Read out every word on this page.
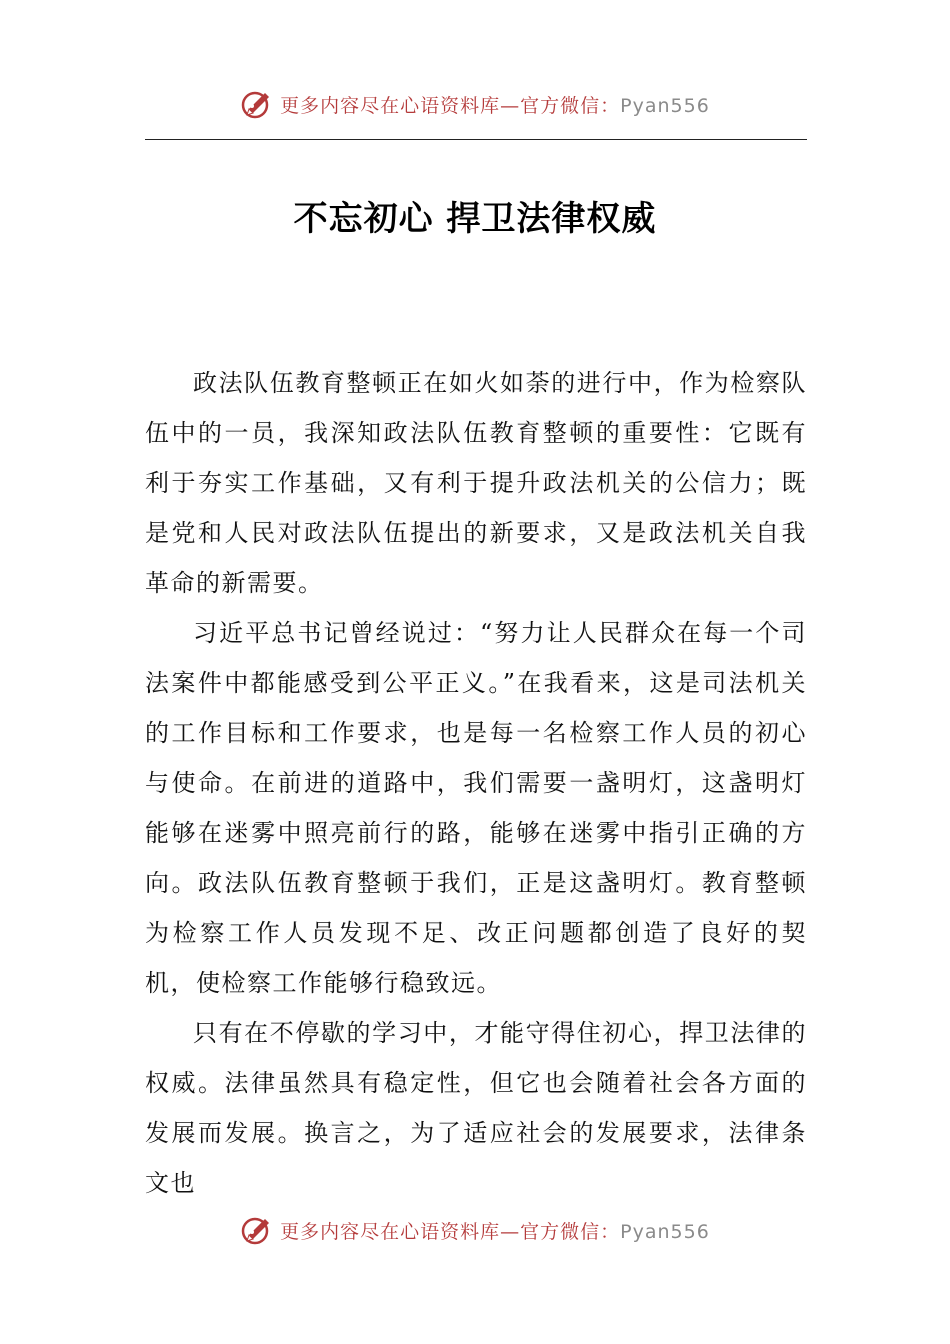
更多内容尽在心语资料库—官方微信：Pyan556
不忘初心 捍卫法律权威

政法队伍教育整顿正在如火如荼的进行中，作为检察队伍中的一员，我深知政法队伍教育整顿的重要性：它既有利于夯实工作基础，又有利于提升政法机关的公信力；既是党和人民对政法队伍提出的新要求，又是政法机关自我革命的新需要。

习近平总书记曾经说过：“努力让人民群众在每一个司法案件中都能感受到公平正义。”在我看来，这是司法机关的工作目标和工作要求，也是每一名检察工作人员的初心与使命。在前进的道路中，我们需要一盏明灯，这盏明灯能够在迷雾中照亮前行的路，能够在迷雾中指引正确的方向。政法队伍教育整顿于我们，正是这盏明灯。教育整顿为检察工作人员发现不足、改正问题都创造了良好的契机，使检察工作能够行稳致远。

只有在不停歇的学习中，才能守得住初心，捍卫法律的权威。法律虽然具有稳定性，但它也会随着社会各方面的发展而发展。换言之，为了适应社会的发展要求，法律条文也

更多内容尽在心语资料库—官方微信：Pyan556
